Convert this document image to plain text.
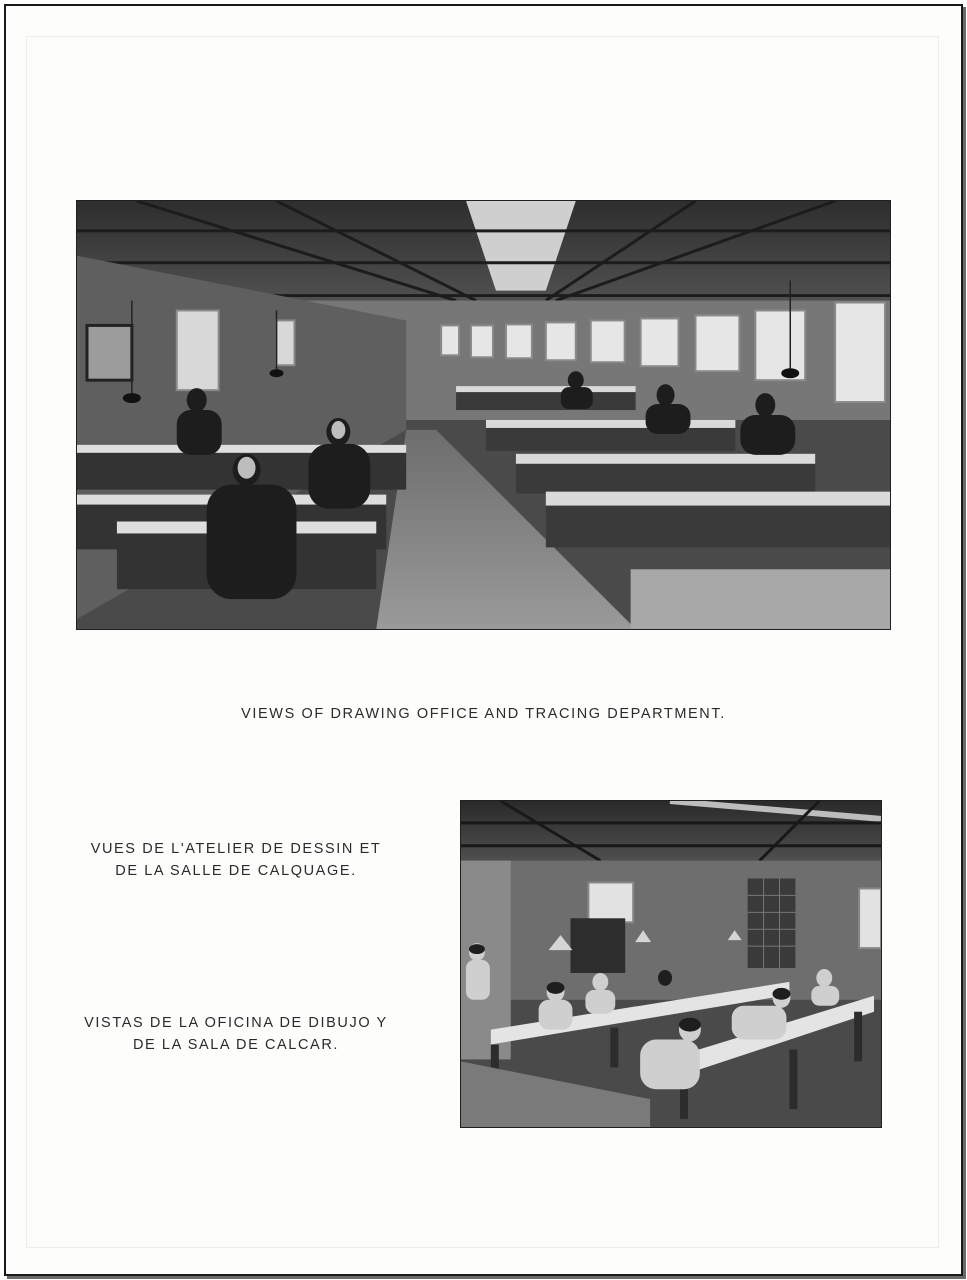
VIEWS OF DRAWING OFFICE AND TRACING DEPARTMENT.

VUES DE L'ATELIER DE DESSIN ET
DE LA SALLE DE CALQUAGE.

VISTAS DE LA OFICINA DE DIBUJO Y
DE LA SALA DE CALCAR.
